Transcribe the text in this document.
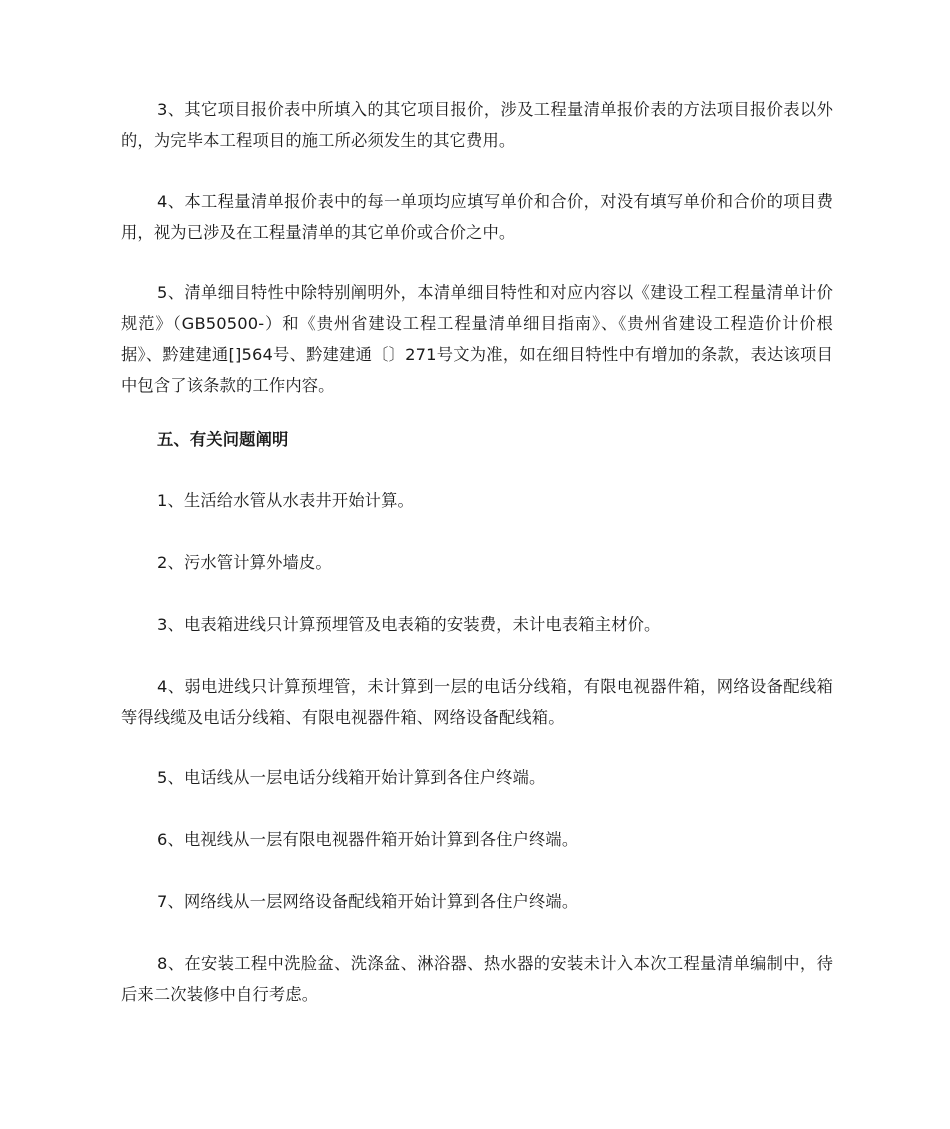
3、其它项目报价表中所填入的其它项目报价，涉及工程量清单报价表的方法项目报价表以外的，为完毕本工程项目的施工所必须发生的其它费用。

4、本工程量清单报价表中的每一单项均应填写单价和合价，对没有填写单价和合价的项目费用，视为已涉及在工程量清单的其它单价或合价之中。

5、清单细目特性中除特别阐明外，本清单细目特性和对应内容以《建设工程工程量清单计价规范》（GB50500-）和《贵州省建设工程工程量清单细目指南》、《贵州省建设工程造价计价根据》、黔建建通[]564号、黔建建通〔〕271号文为准，如在细目特性中有增加的条款，表达该项目中包含了该条款的工作内容。

五、有关问题阐明

1、生活给水管从水表井开始计算。

2、污水管计算外墙皮。

3、电表箱进线只计算预埋管及电表箱的安装费，未计电表箱主材价。

4、弱电进线只计算预埋管，未计算到一层的电话分线箱，有限电视器件箱，网络设备配线箱等得线缆及电话分线箱、有限电视器件箱、网络设备配线箱。

5、电话线从一层电话分线箱开始计算到各住户终端。

6、电视线从一层有限电视器件箱开始计算到各住户终端。

7、网络线从一层网络设备配线箱开始计算到各住户终端。

8、在安装工程中洗脸盆、洗涤盆、淋浴器、热水器的安装未计入本次工程量清单编制中，待后来二次装修中自行考虑。
